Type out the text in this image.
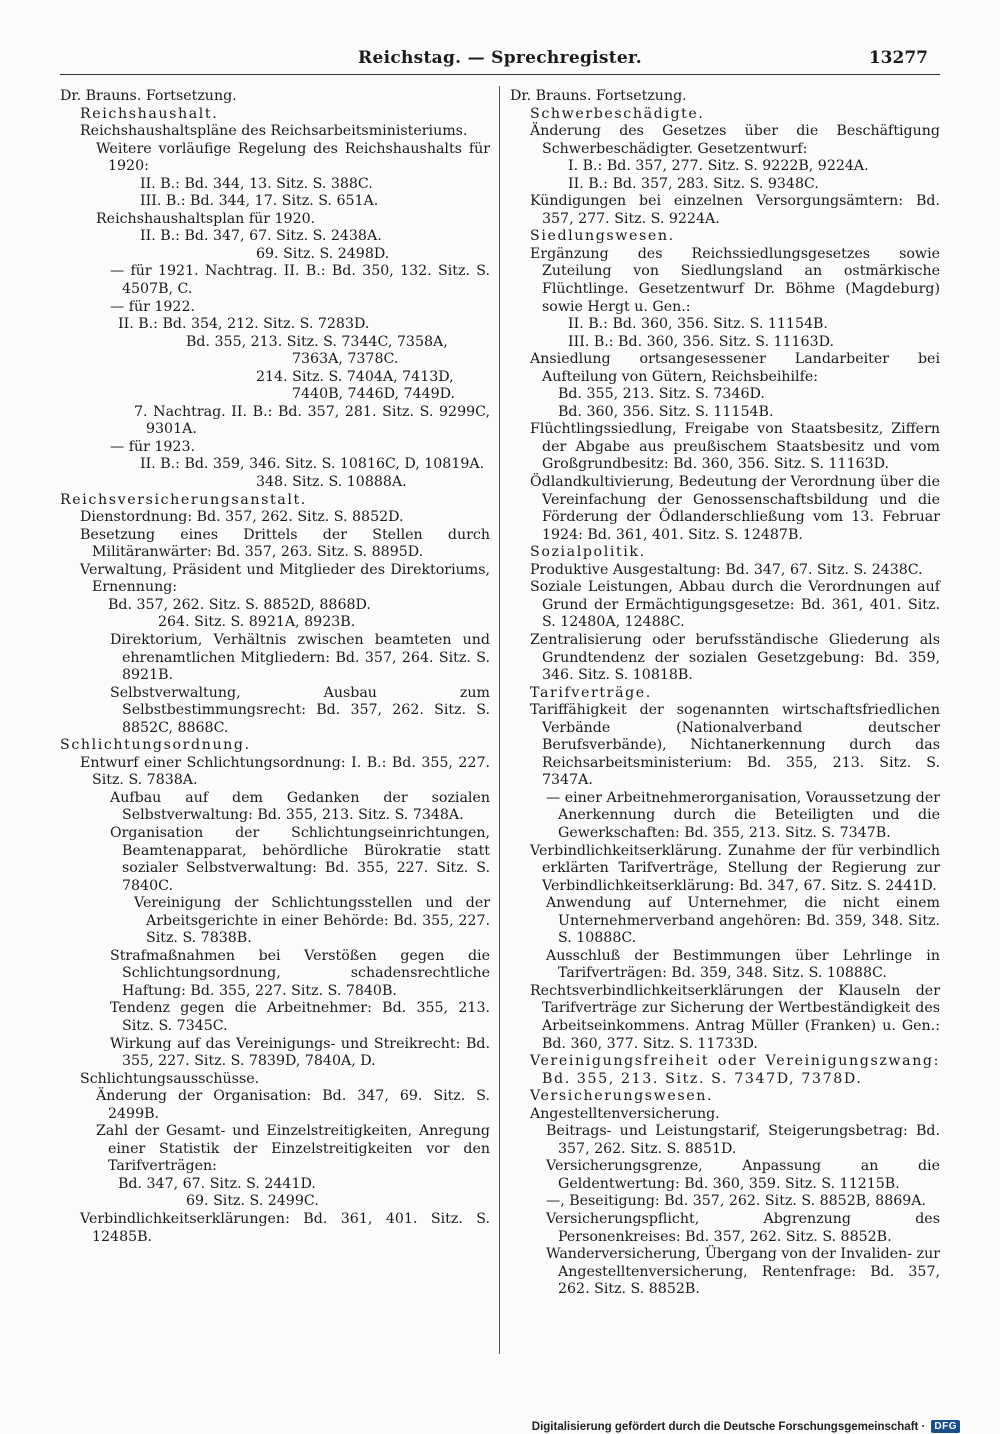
Reichstag. — Sprechregister.	13277
Dr. Brauns. Fortsetzung.
Reichshaushalt.
Reichshaushaltspläne des Reichsarbeitsministeriums.
Weitere vorläufige Regelung des Reichshaushalts für 1920:
II. B.: Bd. 344, 13. Sitz. S. 388C.
III. B.: Bd. 344, 17. Sitz. S. 651A.
Reichshaushaltsplan für 1920.
II. B.: Bd. 347, 67. Sitz. S. 2438A.
69. Sitz. S. 2498D.
— für 1921. Nachtrag. II. B.: Bd. 350, 132. Sitz. S. 4507B, C.
— für 1922.
II. B.: Bd. 354, 212. Sitz. S. 7283D.
Bd. 355, 213. Sitz. S. 7344C, 7358A,
7363A, 7378C.
214. Sitz. S. 7404A, 7413D,
7440B, 7446D, 7449D.
7. Nachtrag. II. B.: Bd. 357, 281. Sitz. S. 9299C, 9301A.
— für 1923.
II. B.: Bd. 359, 346. Sitz. S. 10816C, D, 10819A.
348. Sitz. S. 10888A.
Reichsversicherungsanstalt.
Dienstordnung: Bd. 357, 262. Sitz. S. 8852D.
Besetzung eines Drittels der Stellen durch Militäranwärter: Bd. 357, 263. Sitz. S. 8895D.
Verwaltung, Präsident und Mitglieder des Direktoriums, Ernennung:
Bd. 357, 262. Sitz. S. 8852D, 8868D.
264. Sitz. S. 8921A, 8923B.
Direktorium, Verhältnis zwischen beamteten und ehrenamtlichen Mitgliedern: Bd. 357, 264. Sitz. S. 8921B.
Selbstverwaltung, Ausbau zum Selbstbestimmungsrecht: Bd. 357, 262. Sitz. S. 8852C, 8868C.
Schlichtungsordnung.
Entwurf einer Schlichtungsordnung: I. B.: Bd. 355, 227. Sitz. S. 7838A.
Aufbau auf dem Gedanken der sozialen Selbstverwaltung: Bd. 355, 213. Sitz. S. 7348A.
Organisation der Schlichtungseinrichtungen, Beamtenapparat, behördliche Bürokratie statt sozialer Selbstverwaltung: Bd. 355, 227. Sitz. S. 7840C.
Vereinigung der Schlichtungsstellen und der Arbeitsgerichte in einer Behörde: Bd. 355, 227. Sitz. S. 7838B.
Strafmaßnahmen bei Verstößen gegen die Schlichtungsordnung, schadensrechtliche Haftung: Bd. 355, 227. Sitz. S. 7840B.
Tendenz gegen die Arbeitnehmer: Bd. 355, 213. Sitz. S. 7345C.
Wirkung auf das Vereinigungs- und Streikrecht: Bd. 355, 227. Sitz. S. 7839D, 7840A, D.
Schlichtungsausschüsse.
Änderung der Organisation: Bd. 347, 69. Sitz. S. 2499B.
Zahl der Gesamt- und Einzelstreitigkeiten, Anregung einer Statistik der Einzelstreitigkeiten vor den Tarifverträgen:
Bd. 347, 67. Sitz. S. 2441D.
69. Sitz. S. 2499C.
Verbindlichkeitserklärungen: Bd. 361, 401. Sitz. S. 12485B.
Dr. Brauns. Fortsetzung.
Schwerbeschädigte.
Änderung des Gesetzes über die Beschäftigung Schwerbeschädigter. Gesetzentwurf:
I. B.: Bd. 357, 277. Sitz. S. 9222B, 9224A.
II. B.: Bd. 357, 283. Sitz. S. 9348C.
Kündigungen bei einzelnen Versorgungsämtern: Bd. 357, 277. Sitz. S. 9224A.
Siedlungswesen.
Ergänzung des Reichssiedlungsgesetzes sowie Zuteilung von Siedlungsland an ostmärkische Flüchtlinge. Gesetzentwurf Dr. Böhme (Magdeburg) sowie Hergt u. Gen.:
II. B.: Bd. 360, 356. Sitz. S. 11154B.
III. B.: Bd. 360, 356. Sitz. S. 11163D.
Ansiedlung ortsangesessener Landarbeiter bei Aufteilung von Gütern, Reichsbeihilfe:
Bd. 355, 213. Sitz. S. 7346D.
Bd. 360, 356. Sitz. S. 11154B.
Flüchtlingssiedlung, Freigabe von Staatsbesitz, Ziffern der Abgabe aus preußischem Staatsbesitz und vom Großgrundbesitz: Bd. 360, 356. Sitz. S. 11163D.
Ödlandkultivierung, Bedeutung der Verordnung über die Vereinfachung der Genossenschaftsbildung und die Förderung der Ödlanderschließung vom 13. Februar 1924: Bd. 361, 401. Sitz. S. 12487B.
Sozialpolitik.
Produktive Ausgestaltung: Bd. 347, 67. Sitz. S. 2438C.
Soziale Leistungen, Abbau durch die Verordnungen auf Grund der Ermächtigungsgesetze: Bd. 361, 401. Sitz. S. 12480A, 12488C.
Zentralisierung oder berufsständische Gliederung als Grundtendenz der sozialen Gesetzgebung: Bd. 359, 346. Sitz. S. 10818B.
Tarifverträge.
Tariffähigkeit der sogenannten wirtschaftsfriedlichen Verbände (Nationalverband deutscher Berufsverbände), Nichtanerkennung durch das Reichsarbeitsministerium: Bd. 355, 213. Sitz. S. 7347A.
— einer Arbeitnehmerorganisation, Voraussetzung der Anerkennung durch die Beteiligten und die Gewerkschaften: Bd. 355, 213. Sitz. S. 7347B.
Verbindlichkeitserklärung. Zunahme der für verbindlich erklärten Tarifverträge, Stellung der Regierung zur Verbindlichkeitserklärung: Bd. 347, 67. Sitz. S. 2441D.
Anwendung auf Unternehmer, die nicht einem Unternehmerverband angehören: Bd. 359, 348. Sitz. S. 10888C.
Ausschluß der Bestimmungen über Lehrlinge in Tarifverträgen: Bd. 359, 348. Sitz. S. 10888C.
Rechtsverbindlichkeitserklärungen der Klauseln der Tarifverträge zur Sicherung der Wertbeständigkeit des Arbeitseinkommens. Antrag Müller (Franken) u. Gen.: Bd. 360, 377. Sitz. S. 11733D.
Vereinigungsfreiheit oder Vereinigungszwang: Bd. 355, 213. Sitz. S. 7347D, 7378D.
Versicherungswesen.
Angestelltenversicherung.
Beitrags- und Leistungstarif, Steigerungsbetrag: Bd. 357, 262. Sitz. S. 8851D.
Versicherungsgrenze, Anpassung an die Geldentwertung: Bd. 360, 359. Sitz. S. 11215B.
—, Beseitigung: Bd. 357, 262. Sitz. S. 8852B, 8869A.
Versicherungspflicht, Abgrenzung des Personenkreises: Bd. 357, 262. Sitz. S. 8852B.
Wanderversicherung, Übergang von der Invaliden- zur Angestelltenversicherung, Rentenfrage: Bd. 357, 262. Sitz. S. 8852B.
Digitalisierung gefördert durch die Deutsche Forschungsgemeinschaft · DFG
